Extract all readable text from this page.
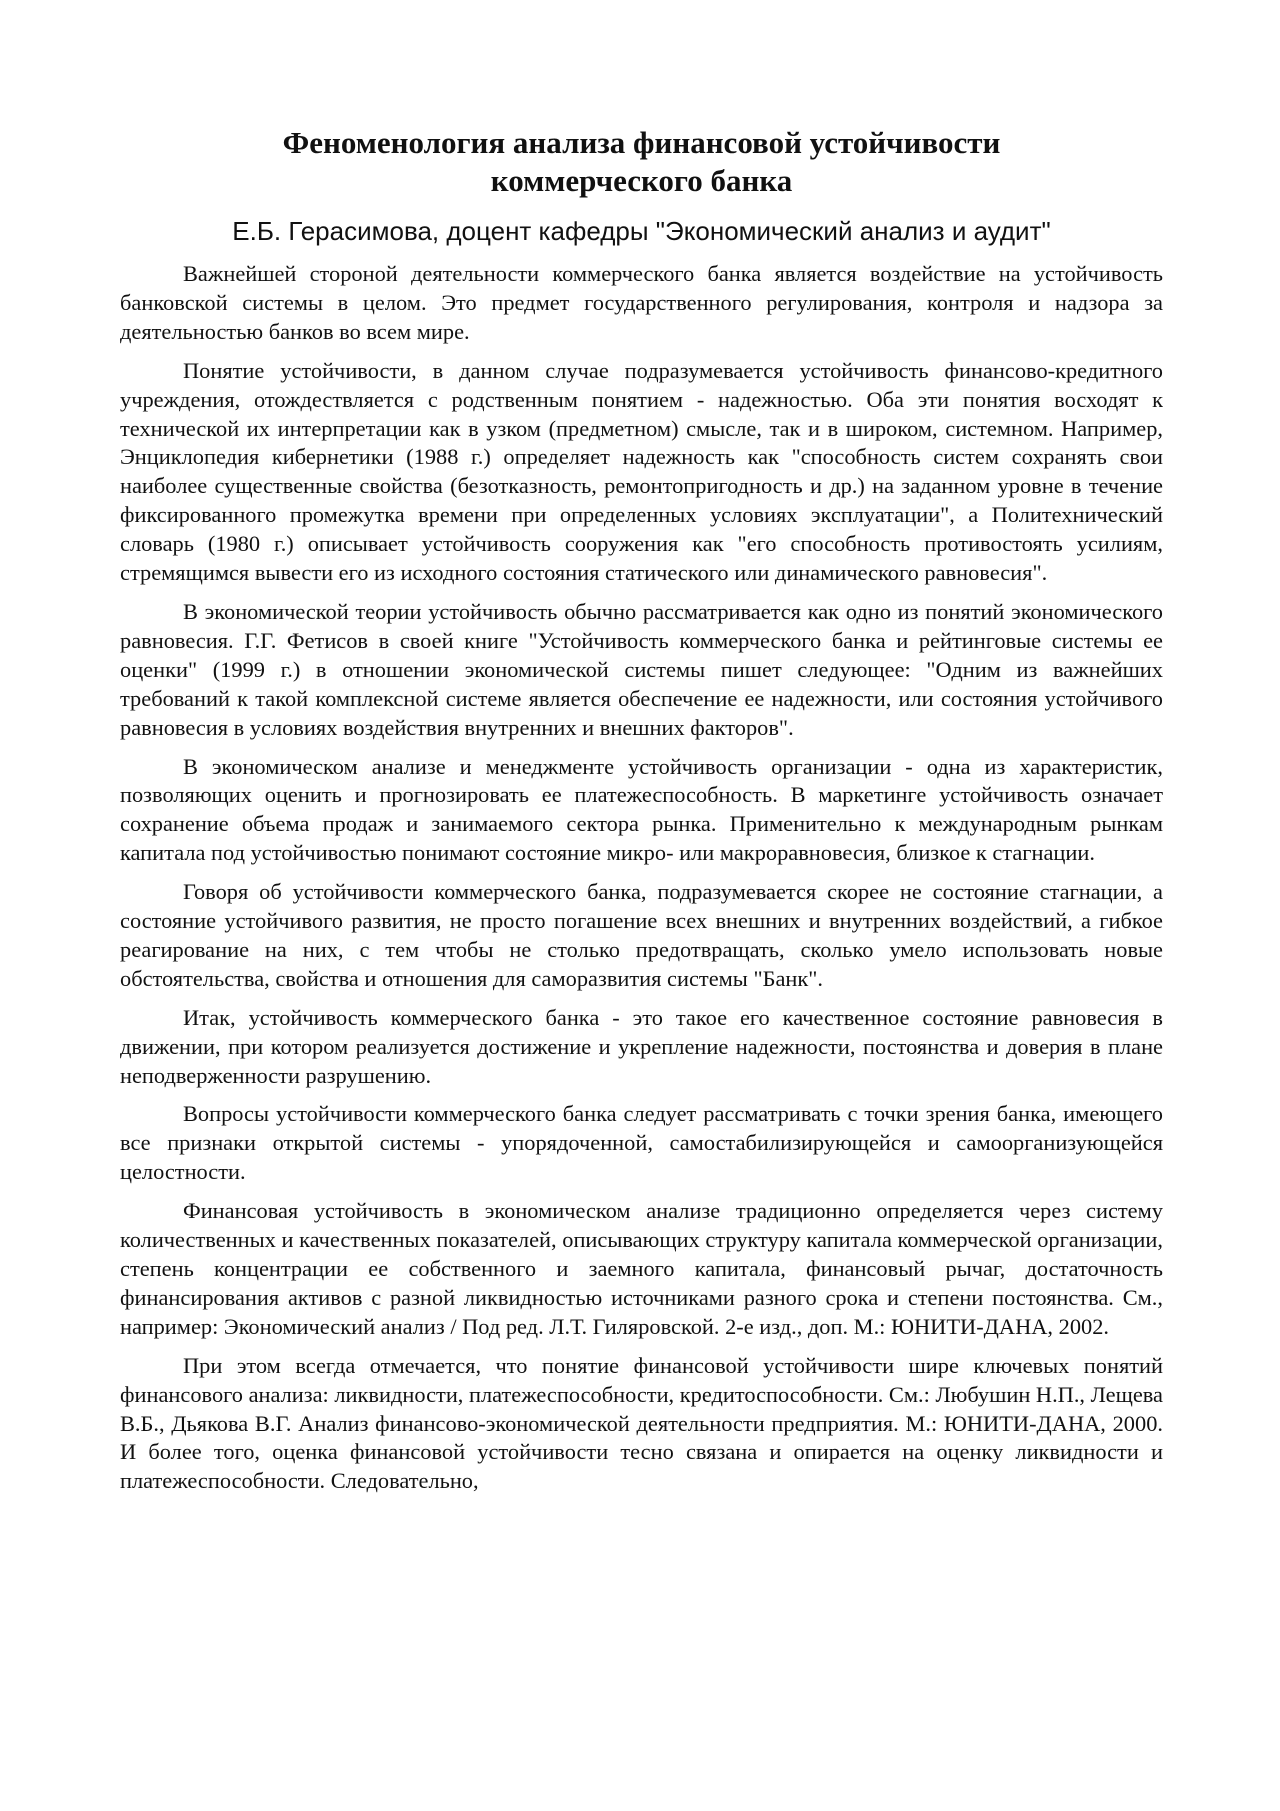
Феноменология анализа финансовой устойчивости
коммерческого банка
Е.Б. Герасимова, доцент кафедры "Экономический анализ и аудит"

Важнейшей стороной деятельности коммерческого банка является воздействие на устойчивость банковской системы в целом. Это предмет государственного регулирования, контроля и надзора за деятельностью банков во всем мире.

Понятие устойчивости, в данном случае подразумевается устойчивость финансово-кредитного учреждения, отождествляется с родственным понятием - надежностью. Оба эти понятия восходят к технической их интерпретации как в узком (предметном) смысле, так и в широком, системном. Например, Энциклопедия кибернетики (1988 г.) определяет надежность как "способность систем сохранять свои наиболее существенные свойства (безотказность, ремонтопригодность и др.) на заданном уровне в течение фиксированного промежутка времени при определенных условиях эксплуатации", а Политехнический словарь (1980 г.) описывает устойчивость сооружения как "его способность противостоять усилиям, стремящимся вывести его из исходного состояния статического или динамического равновесия".

В экономической теории устойчивость обычно рассматривается как одно из понятий экономического равновесия. Г.Г. Фетисов в своей книге "Устойчивость коммерческого банка и рейтинговые системы ее оценки" (1999 г.) в отношении экономической системы пишет следующее: "Одним из важнейших требований к такой комплексной системе является обеспечение ее надежности, или состояния устойчивого равновесия в условиях воздействия внутренних и внешних факторов".

В экономическом анализе и менеджменте устойчивость организации - одна из характеристик, позволяющих оценить и прогнозировать ее платежеспособность. В маркетинге устойчивость означает сохранение объема продаж и занимаемого сектора рынка. Применительно к международным рынкам капитала под устойчивостью понимают состояние микро- или макроравновесия, близкое к стагнации.

Говоря об устойчивости коммерческого банка, подразумевается скорее не состояние стагнации, а состояние устойчивого развития, не просто погашение всех внешних и внутренних воздействий, а гибкое реагирование на них, с тем чтобы не столько предотвращать, сколько умело использовать новые обстоятельства, свойства и отношения для саморазвития системы "Банк".

Итак, устойчивость коммерческого банка - это такое его качественное состояние равновесия в движении, при котором реализуется достижение и укрепление надежности, постоянства и доверия в плане неподверженности разрушению.

Вопросы устойчивости коммерческого банка следует рассматривать с точки зрения банка, имеющего все признаки открытой системы - упорядоченной, самостабилизирующейся и самоорганизующейся целостности.

Финансовая устойчивость в экономическом анализе традиционно определяется через систему количественных и качественных показателей, описывающих структуру капитала коммерческой организации, степень концентрации ее собственного и заемного капитала, финансовый рычаг, достаточность финансирования активов с разной ликвидностью источниками разного срока и степени постоянства. См., например: Экономический анализ / Под ред. Л.Т. Гиляровской. 2-е изд., доп. М.: ЮНИТИ-ДАНА, 2002.

При этом всегда отмечается, что понятие финансовой устойчивости шире ключевых понятий финансового анализа: ликвидности, платежеспособности, кредитоспособности. См.: Любушин Н.П., Лещева В.Б., Дьякова В.Г. Анализ финансово-экономической деятельности предприятия. М.: ЮНИТИ-ДАНА, 2000. И более того, оценка финансовой устойчивости тесно связана и опирается на оценку ликвидности и платежеспособности. Следовательно,
